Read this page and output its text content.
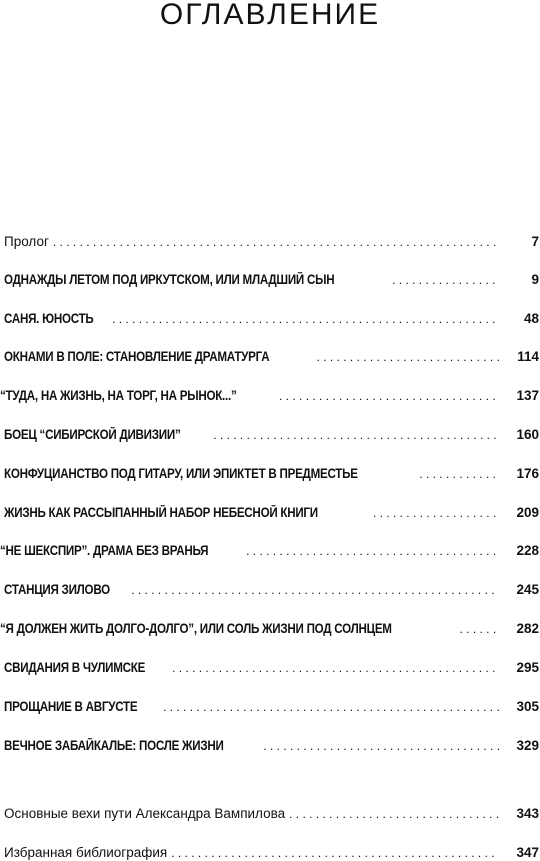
ОГЛАВЛЕНИЕ
Пролог . . .	7
ОДНАЖДЫ ЛЕТОМ ПОД ИРКУТСКОМ, ИЛИ МЛАДШИЙ СЫН . . .	9
САНЯ. ЮНОСТЬ . . .	48
ОКНАМИ В ПОЛЕ: СТАНОВЛЕНИЕ ДРАМАТУРГА . . .	114
“ТУДА, НА ЖИЗНЬ, НА ТОРГ, НА РЫНОК...” . . .	137
БОЕЦ “СИБИРСКОЙ ДИВИЗИИ” . . .	160
КОНФУЦИАНСТВО ПОД ГИТАРУ, ИЛИ ЭПИКТЕТ В ПРЕДМЕСТЬЕ . . .	176
ЖИЗНЬ КАК РАССЫПАННЫЙ НАБОР НЕБЕСНОЙ КНИГИ . . .	209
“НЕ ШЕКСПИР”. ДРАМА БЕЗ ВРАНЬЯ . . .	228
СТАНЦИЯ ЗИЛОВО . . .	245
“Я ДОЛЖЕН ЖИТЬ ДОЛГО-ДОЛГО”, ИЛИ СОЛЬ ЖИЗНИ ПОД СОЛНЦЕМ . . .	282
СВИДАНИЯ В ЧУЛИМСКЕ . . .	295
ПРОЩАНИЕ В АВГУСТЕ . . .	305
ВЕЧНОЕ ЗАБАЙКАЛЬЕ: ПОСЛЕ ЖИЗНИ . . .	329
Основные вехи пути Александра Вампилова . . .	343
Избранная библиография . . .	347
